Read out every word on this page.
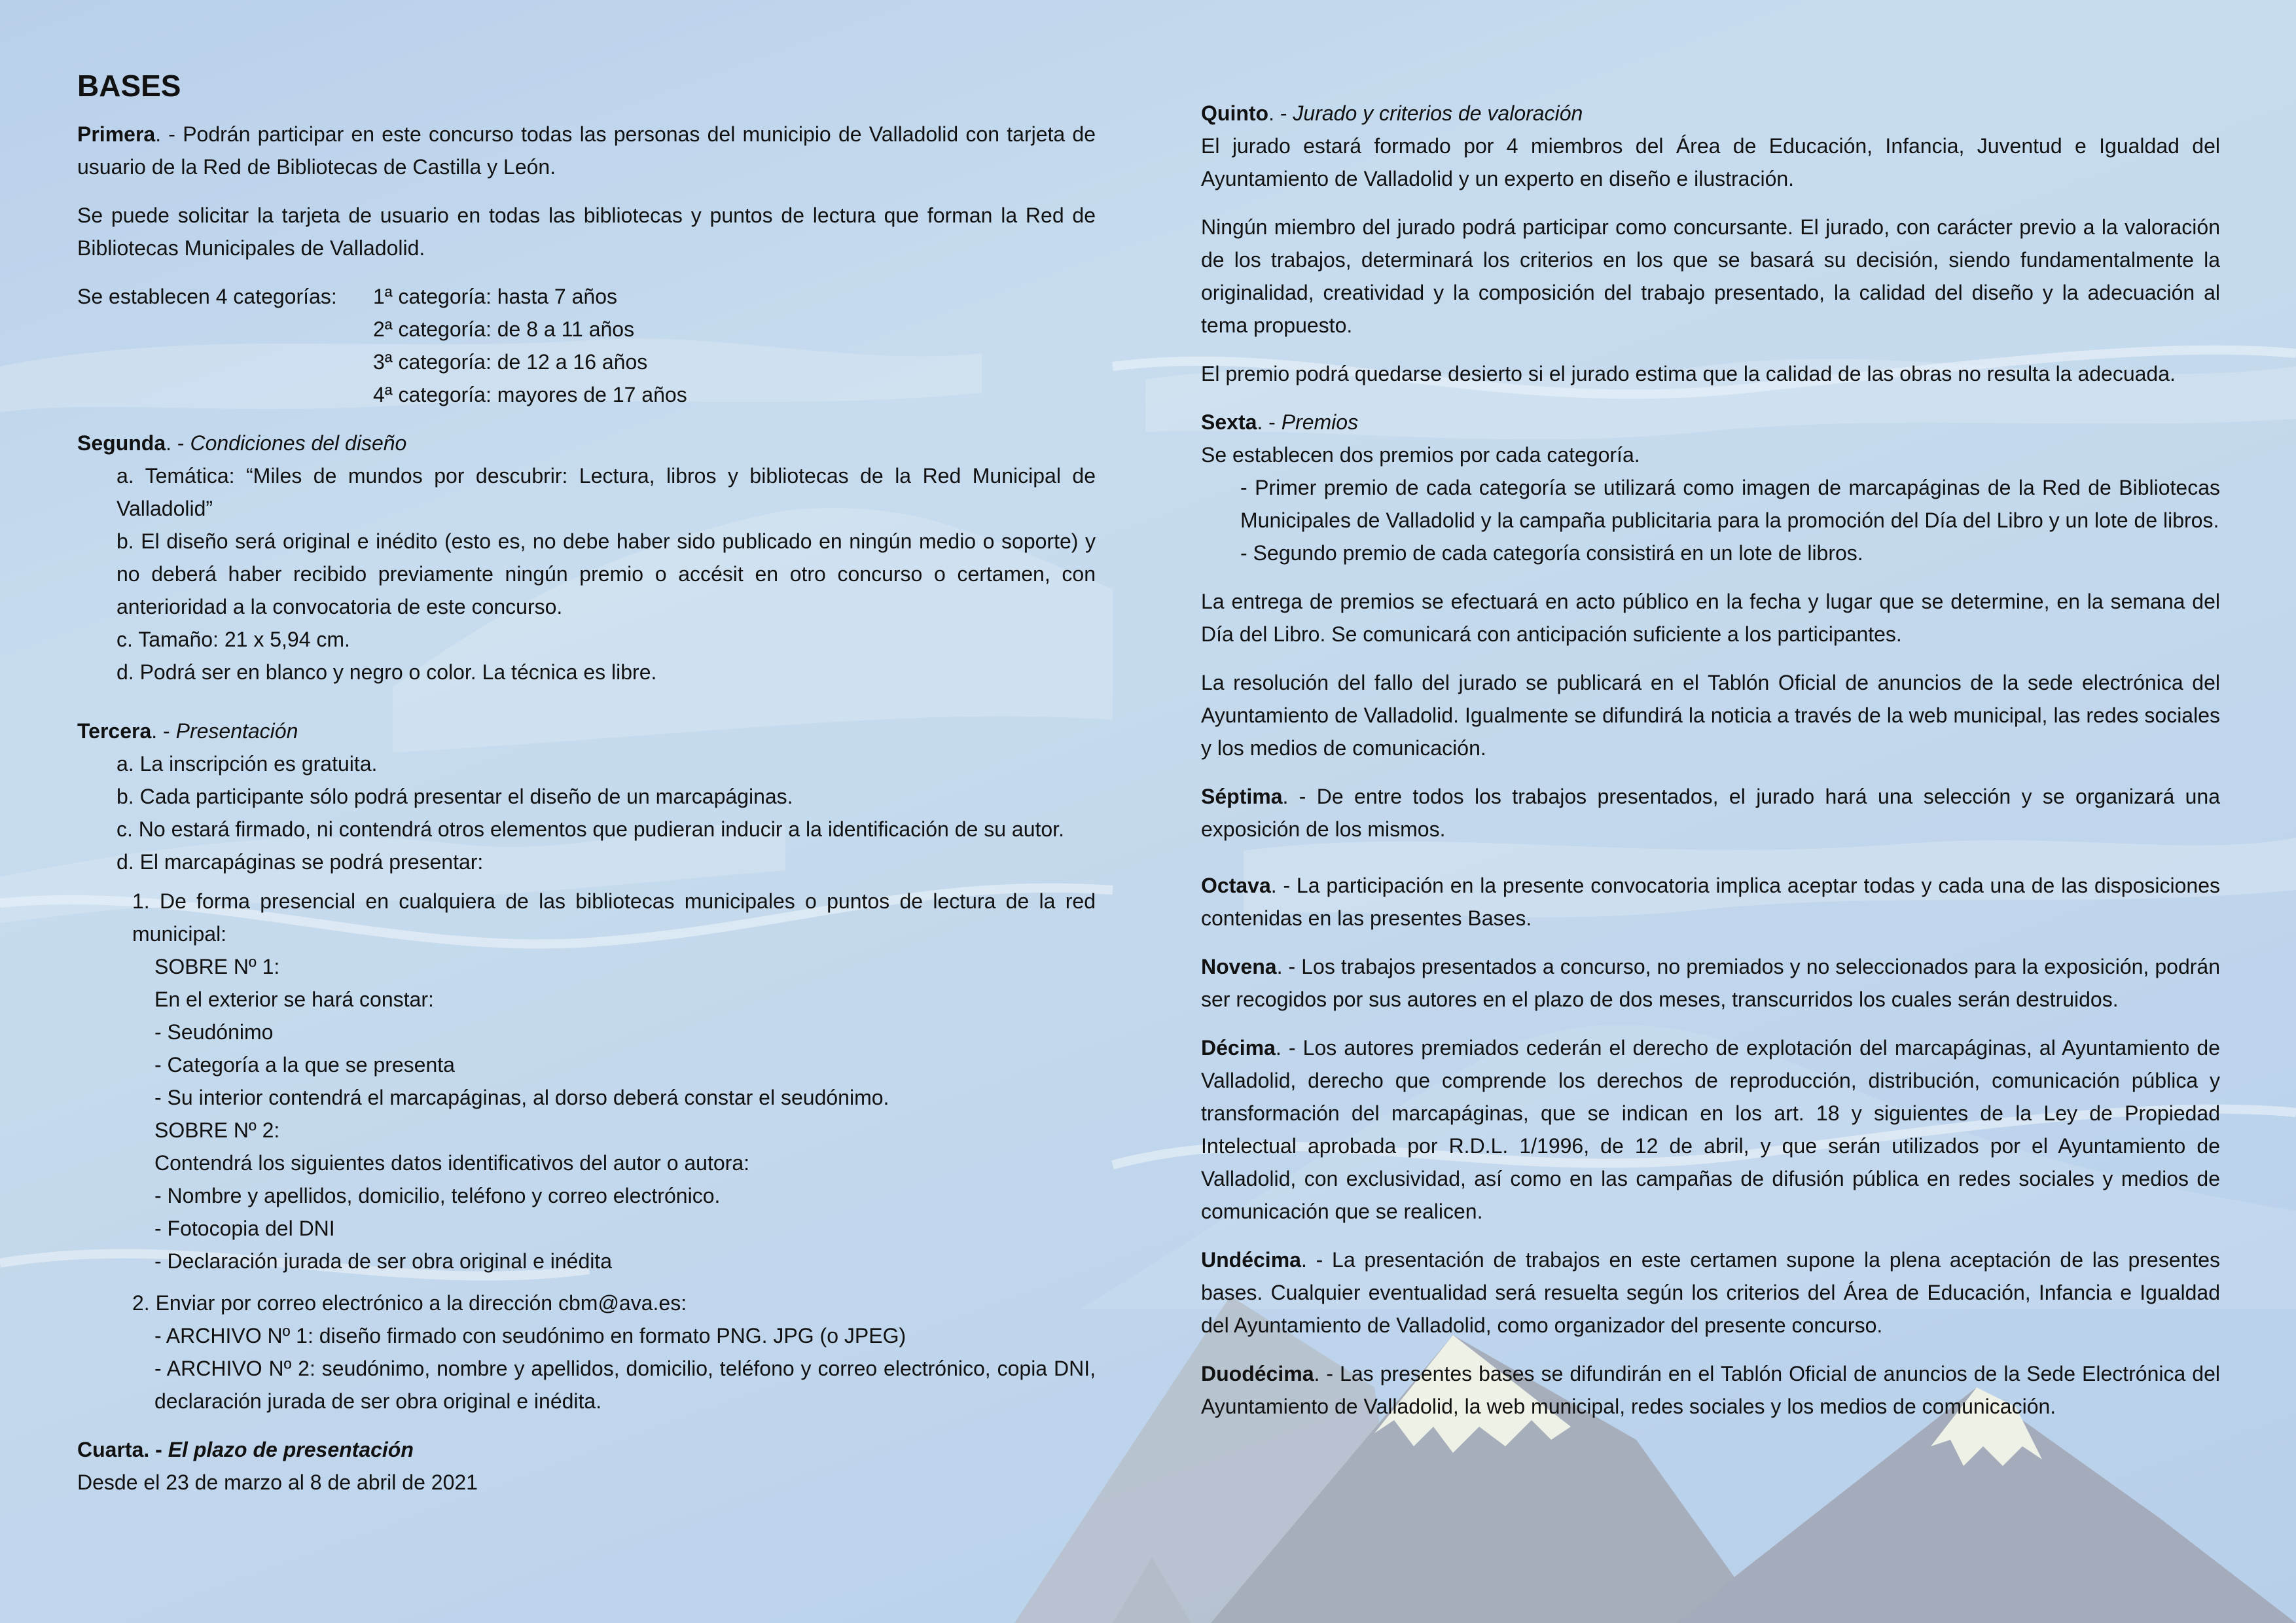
BASES

Primera. - Podrán participar en este concurso todas las personas del municipio de Valladolid con tarjeta de usuario de la Red de Bibliotecas de Castilla y León.

Se puede solicitar la tarjeta de usuario en todas las bibliotecas y puntos de lectura que forman la Red de Bibliotecas Municipales de Valladolid.

Se establecen 4 categorías:	1ª categoría: hasta 7 años
2ª categoría: de 8 a 11 años
3ª categoría: de 12 a 16 años
4ª categoría: mayores de 17 años
Segunda. - Condiciones del diseño

a. Temática: “Miles de mundos por descubrir: Lectura, libros y bibliotecas de la Red Municipal de Valladolid”

b. El diseño será original e inédito (esto es, no debe haber sido publicado en ningún medio o soporte) y no deberá haber recibido previamente ningún premio o accésit en otro concurso o certamen, con anterioridad a la convocatoria de este concurso.

c. Tamaño: 21 x 5,94 cm.

d. Podrá ser en blanco y negro o color. La técnica es libre.

Tercera. - Presentación

a. La inscripción es gratuita.

b. Cada participante sólo podrá presentar el diseño de un marcapáginas.

c. No estará firmado, ni contendrá otros elementos que pudieran inducir a la identificación de su autor.

d. El marcapáginas se podrá presentar:

1. De forma presencial en cualquiera de las bibliotecas municipales o puntos de lectura de la red municipal:

SOBRE Nº 1:
En el exterior se hará constar:
- Seudónimo
- Categoría a la que se presenta
- Su interior contendrá el marcapáginas, al dorso deberá constar el seudónimo.
SOBRE Nº 2:
Contendrá los siguientes datos identificativos del autor o autora:
- Nombre y apellidos, domicilio, teléfono y correo electrónico.
- Fotocopia del DNI
- Declaración jurada de ser obra original e inédita
2. Enviar por correo electrónico a la dirección cbm@ava.es:

- ARCHIVO Nº 1: diseño firmado con seudónimo en formato PNG. JPG (o JPEG)

- ARCHIVO Nº 2: seudónimo, nombre y apellidos, domicilio, teléfono y correo electrónico, copia DNI, declaración jurada de ser obra original e inédita.

Cuarta. - El plazo de presentación
Desde el 23 de marzo al 8 de abril de 2021
Quinto. - Jurado y criterios de valoración

El jurado estará formado por 4 miembros del Área de Educación, Infancia, Juventud e Igualdad del Ayuntamiento de Valladolid y un experto en diseño e ilustración.

Ningún miembro del jurado podrá participar como concursante. El jurado, con carácter previo a la valoración de los trabajos, determinará los criterios en los que se basará su decisión, siendo fundamentalmente la originalidad, creatividad y la composición del trabajo presentado, la calidad del diseño y la adecuación al tema propuesto.

El premio podrá quedarse desierto si el jurado estima que la calidad de las obras no resulta la adecuada.

Sexta. - Premios
Se establecen dos premios por cada categoría.

- Primer premio de cada categoría se utilizará como imagen de marcapáginas de la Red de Bibliotecas Municipales de Valladolid y la campaña publicitaria para la promoción del Día del Libro y un lote de libros.

- Segundo premio de cada categoría consistirá en un lote de libros.

La entrega de premios se efectuará en acto público en la fecha y lugar que se determine, en la semana del Día del Libro. Se comunicará con anticipación suficiente a los participantes.

La resolución del fallo del jurado se publicará en el Tablón Oficial de anuncios de la sede electrónica del Ayuntamiento de Valladolid. Igualmente se difundirá la noticia a través de la web municipal, las redes sociales y los medios de comunicación.

Séptima. - De entre todos los trabajos presentados, el jurado hará una selección y se organizará una exposición de los mismos.

Octava. - La participación en la presente convocatoria implica aceptar todas y cada una de las disposiciones contenidas en las presentes Bases.

Novena. - Los trabajos presentados a concurso, no premiados y no seleccionados para la exposición, podrán ser recogidos por sus autores en el plazo de dos meses, transcurridos los cuales serán destruidos.

Décima. - Los autores premiados cederán el derecho de explotación del marcapáginas, al Ayuntamiento de Valladolid, derecho que comprende los derechos de reproducción, distribución, comunicación pública y transformación del marcapáginas, que se indican en los art. 18 y siguientes de la Ley de Propiedad Intelectual aprobada por R.D.L. 1/1996, de 12 de abril, y que serán utilizados por el Ayuntamiento de Valladolid, con exclusividad, así como en las campañas de difusión pública en redes sociales y medios de comunicación que se realicen.

Undécima. - La presentación de trabajos en este certamen supone la plena aceptación de las presentes bases. Cualquier eventualidad será resuelta según los criterios del Área de Educación, Infancia e Igualdad del Ayuntamiento de Valladolid, como organizador del presente concurso.

Duodécima. - Las presentes bases se difundirán en el Tablón Oficial de anuncios de la Sede Electrónica del Ayuntamiento de Valladolid, la web municipal, redes sociales y los medios de comunicación.
